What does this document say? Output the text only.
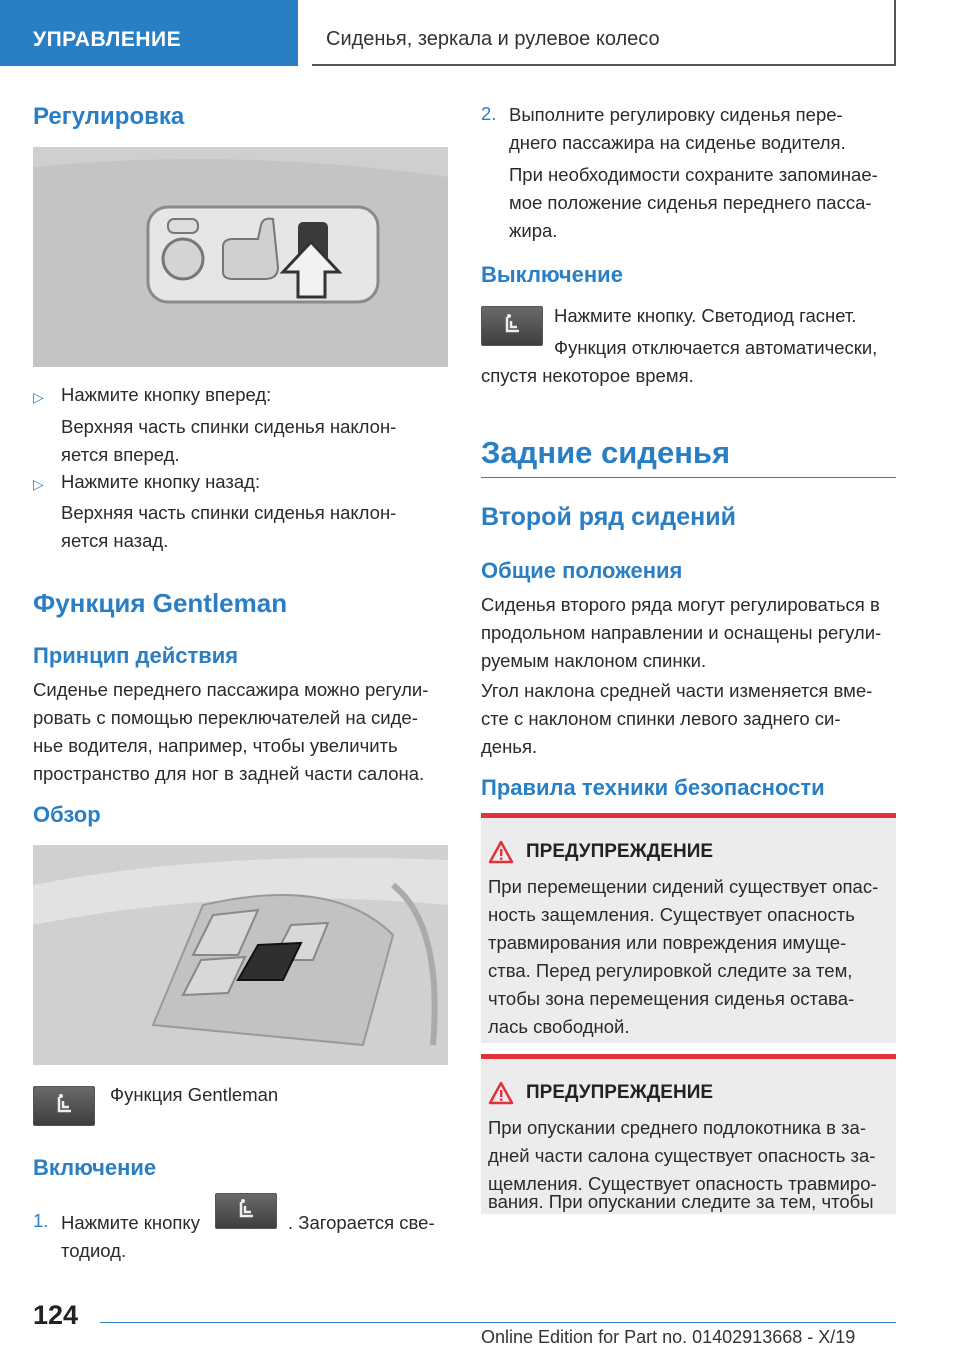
УПРАВЛЕНИЕ	Сиденья, зеркала и рулевое колесо
Регулировка
▷ Нажмите кнопку вперед:
Верхняя часть спинки сиденья наклон-
яется вперед.
▷ Нажмите кнопку назад:
Верхняя часть спинки сиденья наклон-
яется назад.
Функция Gentleman
Принцип действия
Сиденье переднего пассажира можно регули-
ровать с помощью переключателей на сиде-
нье водителя, например, чтобы увеличить
пространство для ног в задней части салона.
Обзор
Функция Gentleman
Включение
1. Нажмите кнопку	. Загорается све-
тодиод.
2. Выполните регулировку сиденья пере-
днего пассажира на сиденье водителя.
При необходимости сохраните запоминае-
мое положение сиденья переднего пасса-
жира.
Выключение
Нажмите кнопку. Светодиод гаснет.
Функция отключается автоматически,
спустя некоторое время.
Задние сиденья
Второй ряд сидений
Общие положения
Сиденья второго ряда могут регулироваться в
продольном направлении и оснащены регули-
руемым наклоном спинки.
Угол наклона средней части изменяется вме-
сте с наклоном спинки левого заднего си-
денья.
Правила техники безопасности
ПРЕДУПРЕЖДЕНИЕ
При перемещении сидений существует опас-
ность защемления. Существует опасность
травмирования или повреждения имуще-
ства. Перед регулировкой следите за тем,
чтобы зона перемещения сиденья остава-
лась свободной.
ПРЕДУПРЕЖДЕНИЕ
При опускании среднего подлокотника в за-
дней части салона существует опасность за-
щемления. Существует опасность травмиро-
вания. При опускании следите за тем, чтобы
124
Online Edition for Part no. 01402913668 - X/19
